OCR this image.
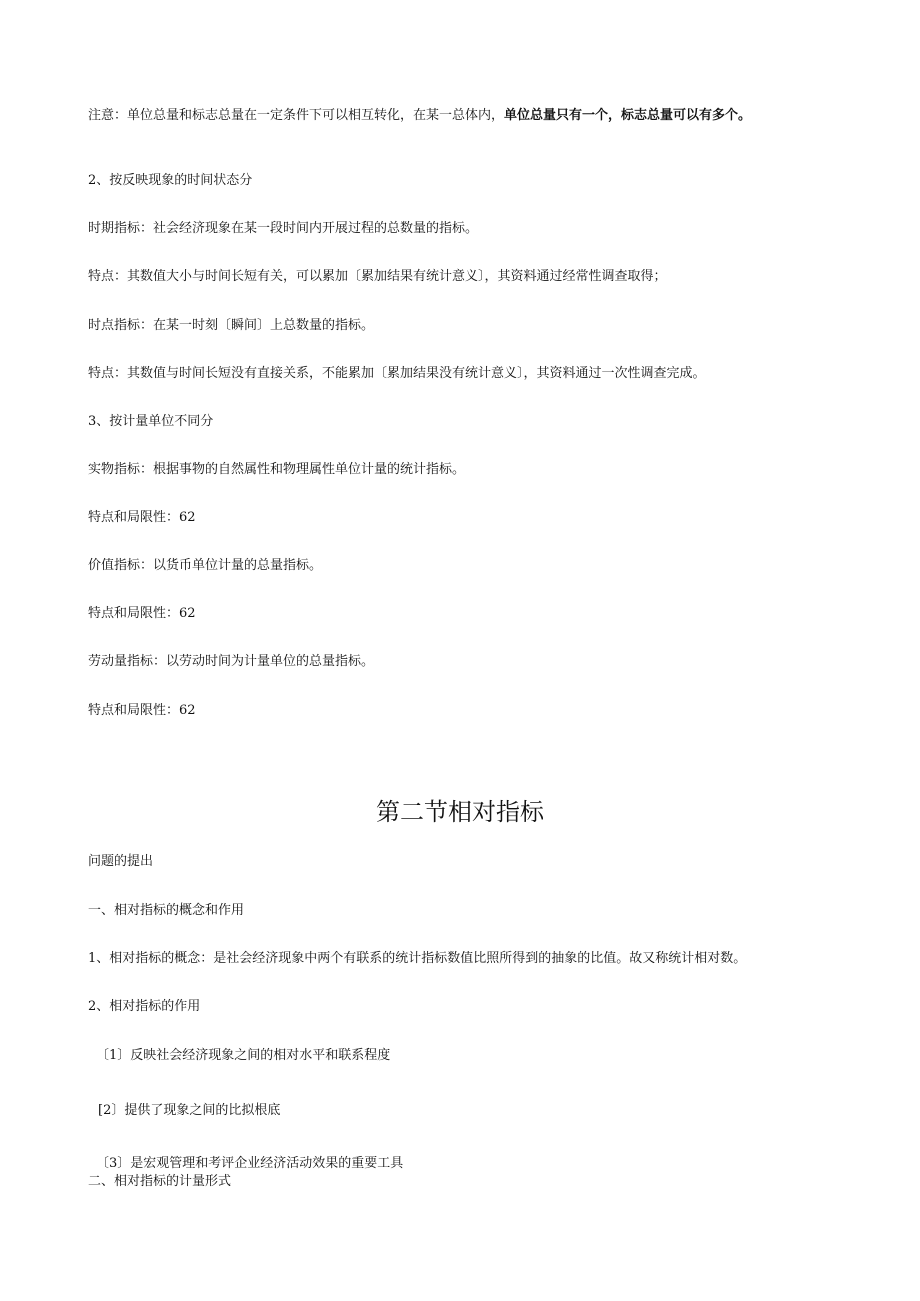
注意：单位总量和标志总量在一定条件下可以相互转化，在某一总体内，单位总量只有一个，标志总量可以有多个。
2、按反映现象的时间状态分
时期指标：社会经济现象在某一段时间内开展过程的总数量的指标。
特点：其数值大小与时间长短有关，可以累加〔累加结果有统计意义〕，其资料通过经常性调查取得；
时点指标：在某一时刻〔瞬间〕上总数量的指标。
特点：其数值与时间长短没有直接关系，不能累加〔累加结果没有统计意义〕，其资料通过一次性调查完成。
3、按计量单位不同分
实物指标：根据事物的自然属性和物理属性单位计量的统计指标。
特点和局限性：62
价值指标：以货币单位计量的总量指标。
特点和局限性：62
劳动量指标：以劳动时间为计量单位的总量指标。
特点和局限性：62
第二节相对指标
问题的提出
一、相对指标的概念和作用
1、相对指标的概念：是社会经济现象中两个有联系的统计指标数值比照所得到的抽象的比值。故又称统计相对数。
2、相对指标的作用
〔1〕反映社会经济现象之间的相对水平和联系程度
[2〕提供了现象之间的比拟根底
〔3〕是宏观管理和考评企业经济活动效果的重要工具
二、相对指标的计量形式
